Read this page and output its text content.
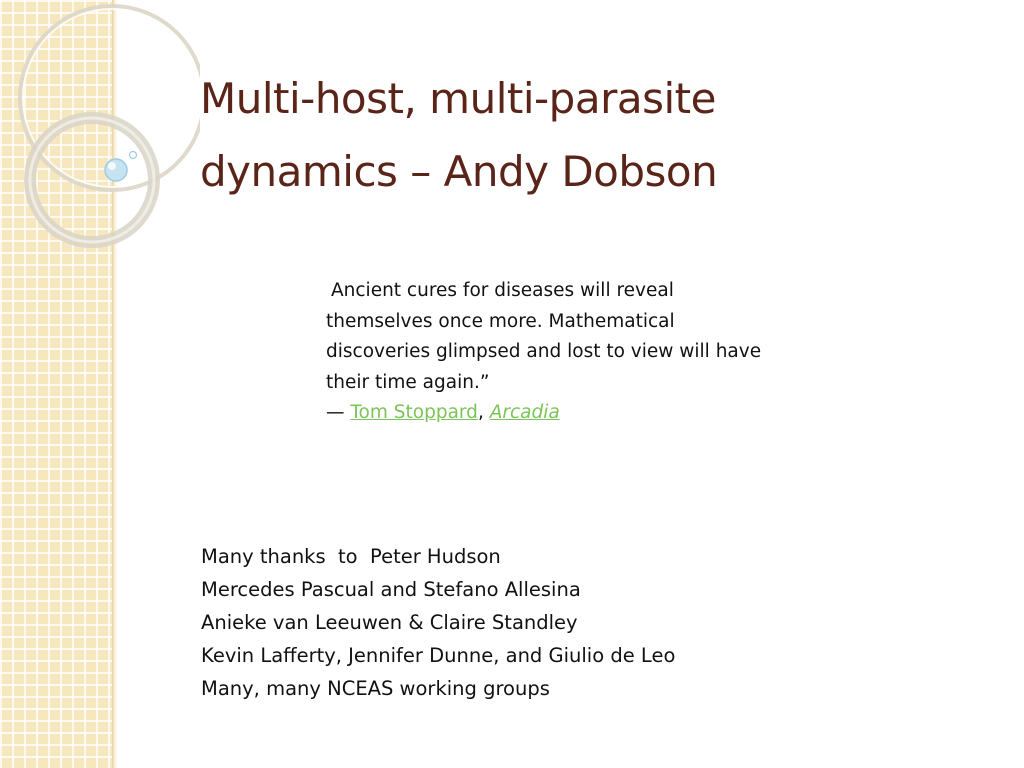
Multi-host, multi-parasite
dynamics – Andy Dobson
Ancient cures for diseases will reveal
themselves once more. Mathematical
discoveries glimpsed and lost to view will have
their time again.”
— Tom Stoppard, Arcadia
Many thanks  to  Peter Hudson
Mercedes Pascual and Stefano Allesina
Anieke van Leeuwen & Claire Standley
Kevin Lafferty, Jennifer Dunne, and Giulio de Leo
Many, many NCEAS working groups
